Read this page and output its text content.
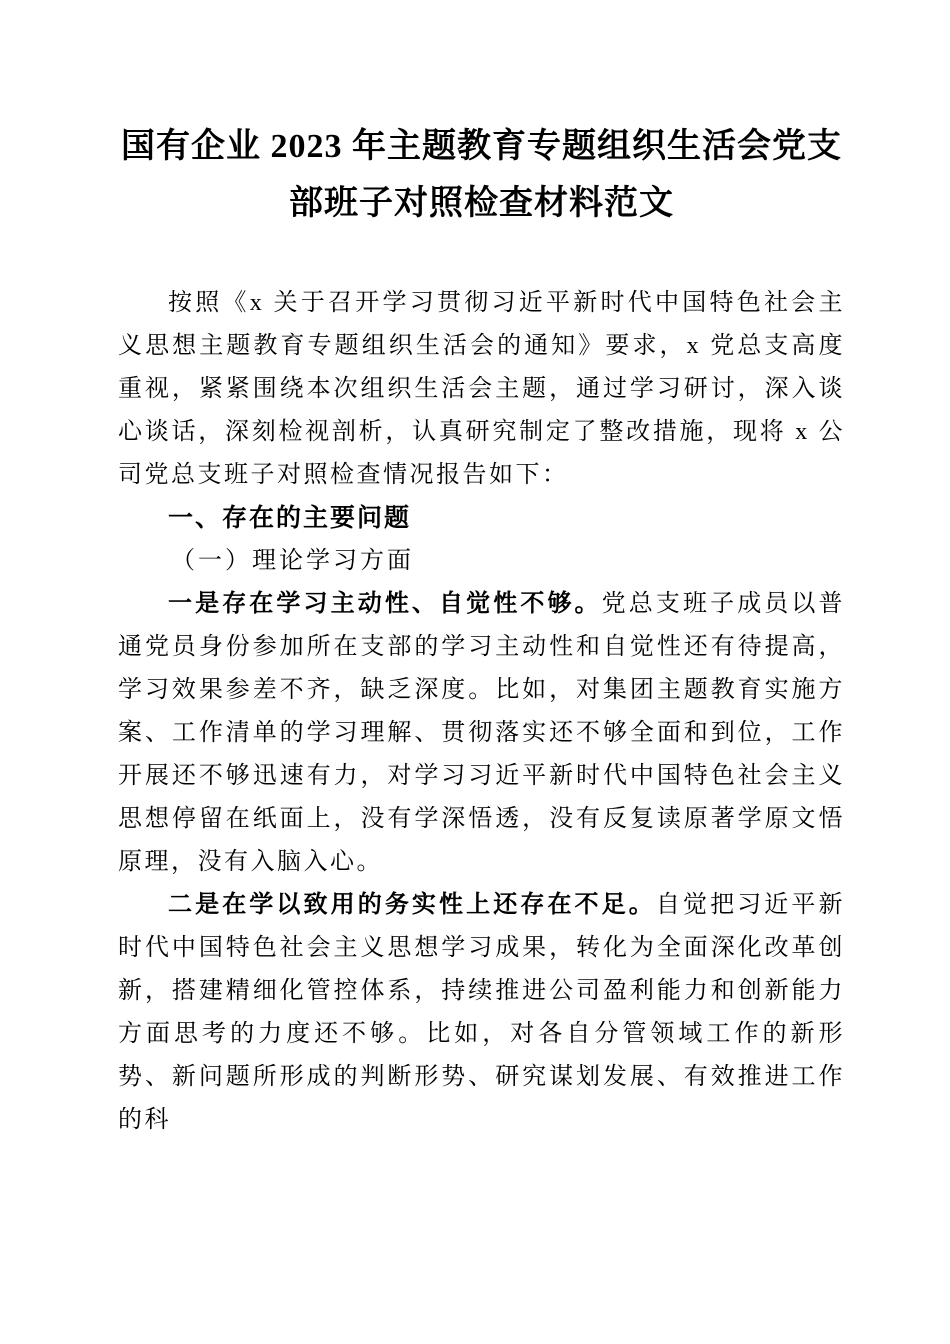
国有企业 2023 年主题教育专题组织生活会党支部班子对照检查材料范文

按照《x 关于召开学习贯彻习近平新时代中国特色社会主义思想主题教育专题组织生活会的通知》要求，x 党总支高度重视，紧紧围绕本次组织生活会主题，通过学习研讨，深入谈心谈话，深刻检视剖析，认真研究制定了整改措施，现将 x 公司党总支班子对照检查情况报告如下：

一、存在的主要问题
（一）理论学习方面

一是存在学习主动性、自觉性不够。党总支班子成员以普通党员身份参加所在支部的学习主动性和自觉性还有待提高，学习效果参差不齐，缺乏深度。比如，对集团主题教育实施方案、工作清单的学习理解、贯彻落实还不够全面和到位，工作开展还不够迅速有力，对学习习近平新时代中国特色社会主义思想停留在纸面上，没有学深悟透，没有反复读原著学原文悟原理，没有入脑入心。

二是在学以致用的务实性上还存在不足。自觉把习近平新时代中国特色社会主义思想学习成果，转化为全面深化改革创新，搭建精细化管控体系，持续推进公司盈利能力和创新能力方面思考的力度还不够。比如，对各自分管领域工作的新形势、新问题所形成的判断形势、研究谋划发展、有效推进工作的科
